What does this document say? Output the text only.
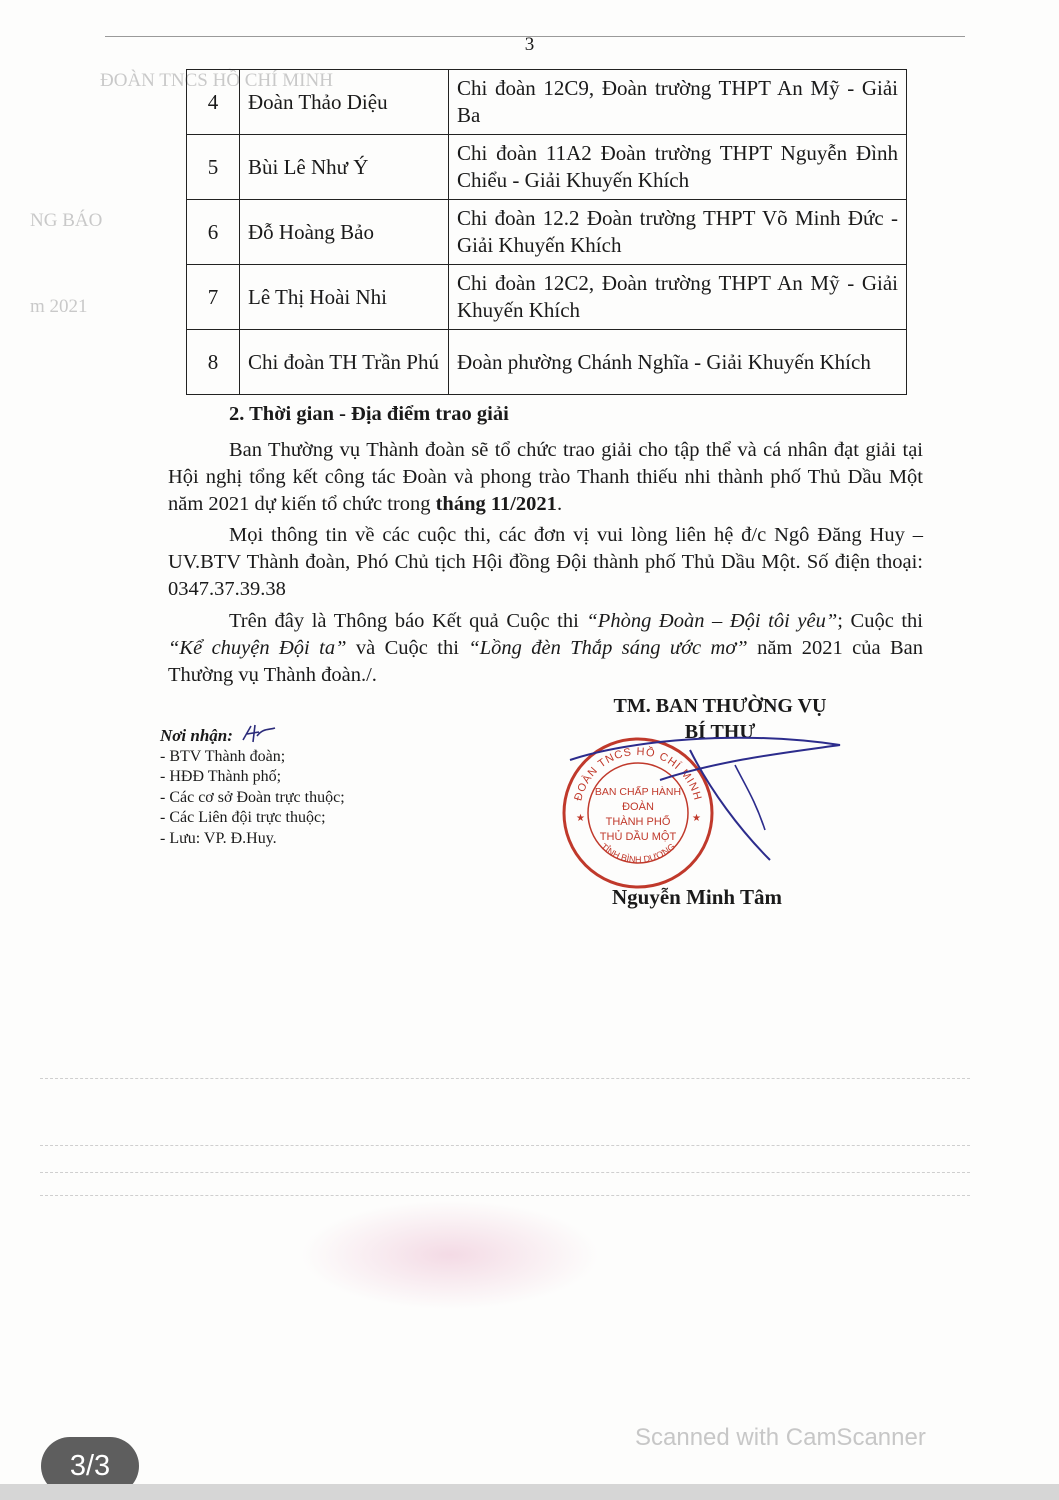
3
ĐOÀN TNCS HỒ CHÍ MINH
NG BÁO
m 2021
4	Đoàn Thảo Diệu	Chi đoàn 12C9, Đoàn trường THPT An Mỹ - Giải Ba
5	Bùi Lê Như Ý	Chi đoàn 11A2 Đoàn trường THPT Nguyễn Đình Chiểu - Giải Khuyến Khích
6	Đỗ Hoàng Bảo	Chi đoàn 12.2 Đoàn trường THPT Võ Minh Đức - Giải Khuyến Khích
7	Lê Thị Hoài Nhi	Chi đoàn 12C2, Đoàn trường THPT An Mỹ - Giải Khuyến Khích
8	Chi đoàn TH Trần Phú	Đoàn phường Chánh Nghĩa - Giải Khuyến Khích
2. Thời gian - Địa điểm trao giải
Ban Thường vụ Thành đoàn sẽ tổ chức trao giải cho tập thể và cá nhân đạt giải tại Hội nghị tổng kết công tác Đoàn và phong trào Thanh thiếu nhi thành phố Thủ Dầu Một năm 2021 dự kiến tổ chức trong tháng 11/2021.
Mọi thông tin về các cuộc thi, các đơn vị vui lòng liên hệ đ/c Ngô Đăng Huy – UV.BTV Thành đoàn, Phó Chủ tịch Hội đồng Đội thành phố Thủ Dầu Một. Số điện thoại: 0347.37.39.38
Trên đây là Thông báo Kết quả Cuộc thi “Phòng Đoàn – Đội tôi yêu”; Cuộc thi “Kể chuyện Đội ta” và Cuộc thi “Lồng đèn Thắp sáng ước mơ” năm 2021 của Ban Thường vụ Thành đoàn./.
Nơi nhận:
- BTV Thành đoàn;
- HĐĐ Thành phố;
- Các cơ sở Đoàn trực thuộc;
- Các Liên đội trực thuộc;
- Lưu: VP. Đ.Huy.
TM. BAN THƯỜNG VỤ
BÍ THƯ
ĐOÀN TNCS HỒ CHÍ MINH
TỈNH BÌNH DƯƠNG
BAN CHẤP HÀNH
ĐOÀN
THÀNH PHỐ
THỦ DẦU MỘT
★	★
Nguyễn Minh Tâm
Scanned with CamScanner
3/3
